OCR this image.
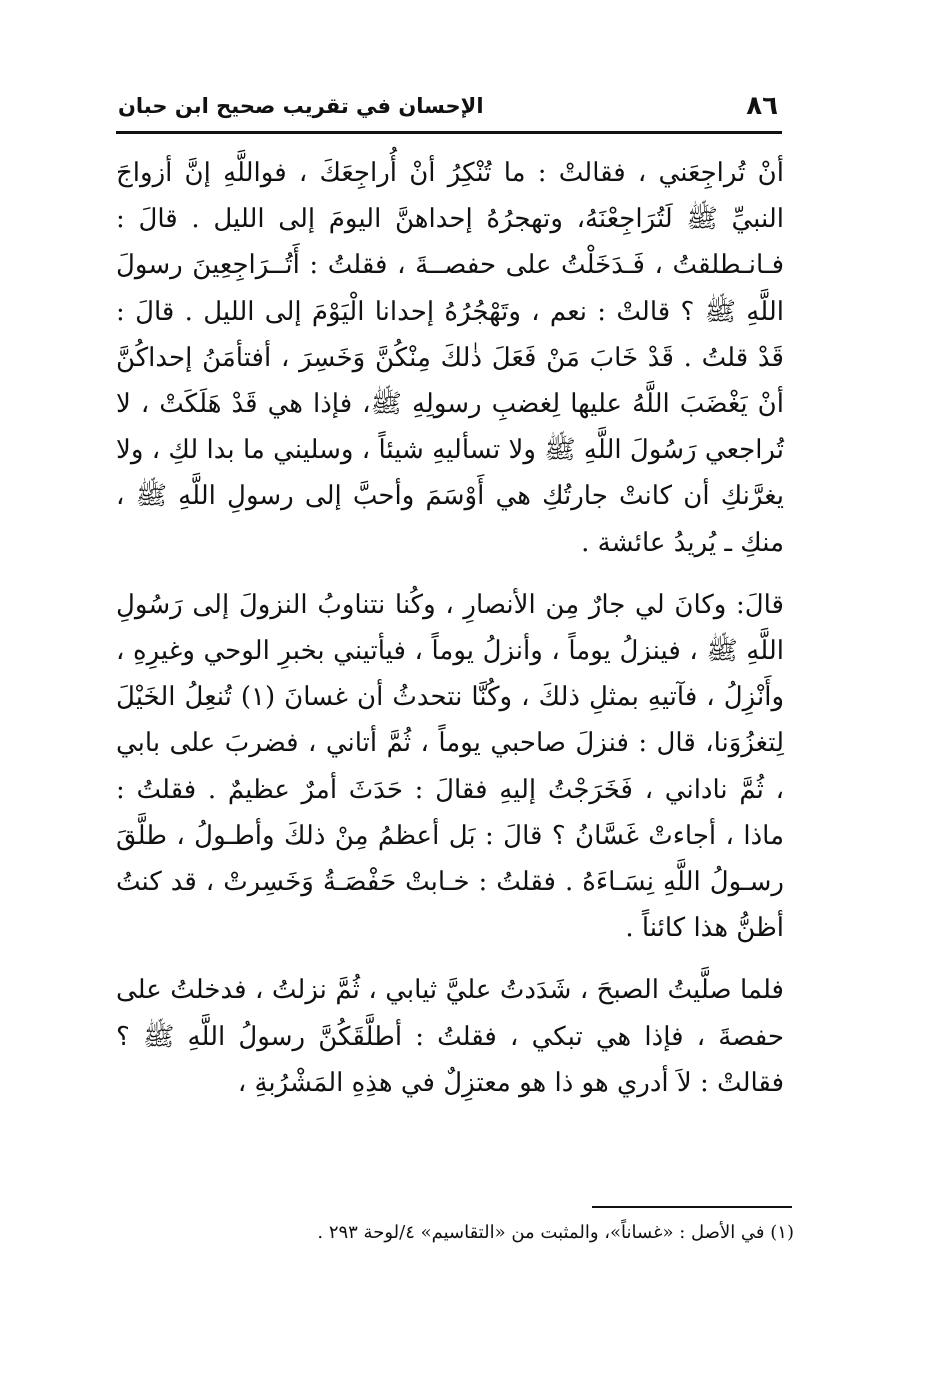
٨٦
الإحسان في تقريب صحيح ابن حبان

أنْ تُراجِعَني ، فقالتْ : ما تُنْكِرُ أنْ أُراجِعَكَ ، فواللَّهِ إنَّ أزواجَ النبيِّ ﷺ لَتُرَاجِعْنَهُ، وتهجرُهُ إحداهنَّ اليومَ إلى الليل . قالَ : فـانـطلقتُ ، فَـدَخَلْتُ على حفصــةَ ، فقلتُ : أَتُــرَاجِعِينَ رسولَ اللَّهِ ﷺ ؟ قالتْ : نعم ، وتَهْجُرُهُ إحدانا الْيَوْمَ إلى الليل . قالَ : قَدْ قلتُ . قَدْ خَابَ مَنْ فَعَلَ ذٰلكَ مِنْكُنَّ وَخَسِرَ ، أفتأمَنُ إحداكُنَّ أنْ يَغْضَبَ اللَّهُ عليها لِغضبِ رسولِهِ ﷺ، فإذا هي قَدْ هَلَكَتْ ، لا تُراجعي رَسُولَ اللَّهِ ﷺ ولا تسأليهِ شيئاً ، وسليني ما بدا لكِ ، ولا يغرَّنكِ أن كانتْ جارتُكِ هي أَوْسَمَ وأحبَّ إلى رسولِ اللَّهِ ﷺ ، منكِ ـ يُريدُ عائشة .

قالَ: وكانَ لي جارٌ مِن الأنصارِ ، وكُنا نتناوبُ النزولَ إلى رَسُولِ اللَّهِ ﷺ ، فينزلُ يوماً ، وأنزلُ يوماً ، فيأتيني بخبرِ الوحي وغيرِهِ ، وأَنْزِلُ ، فآتيهِ بمثلِ ذلكَ ، وكُنَّا نتحدثُ أن غسانَ (١) تُنعِلُ الخَيْلَ لِتغزُوَنا، قال : فنزلَ صاحبي يوماً ، ثُمَّ أتاني ، فضربَ على بابي ، ثُمَّ ناداني ، فَخَرَجْتُ إليهِ فقالَ : حَدَثَ أمرٌ عظيمٌ . فقلتُ : ماذا ، أجاءتْ غَسَّانُ ؟ قالَ : بَل أعظمُ مِنْ ذلكَ وأطـولُ ، طلَّقَ رسـولُ اللَّهِ نِسَـاءَهُ . فقلتُ : خـابتْ حَفْصَـةُ وَخَسِرتْ ، قد كنتُ أظنُّ هذا كائناً .

فلما صلَّيتُ الصبحَ ، شَدَدتُ عليَّ ثيابي ، ثُمَّ نزلتُ ، فدخلتُ على حفصةَ ، فإذا هي تبكي ، فقلتُ : أطلَّقَكُنَّ رسولُ اللَّهِ ﷺ ؟ فقالتْ : لاَ أدري هو ذا هو معتزِلٌ في هذِهِ المَشْرُبةِ ،

(١) في الأصل : «غساناً»، والمثبت من «التقاسيم» ٤/لوحة ٢٩٣ .
